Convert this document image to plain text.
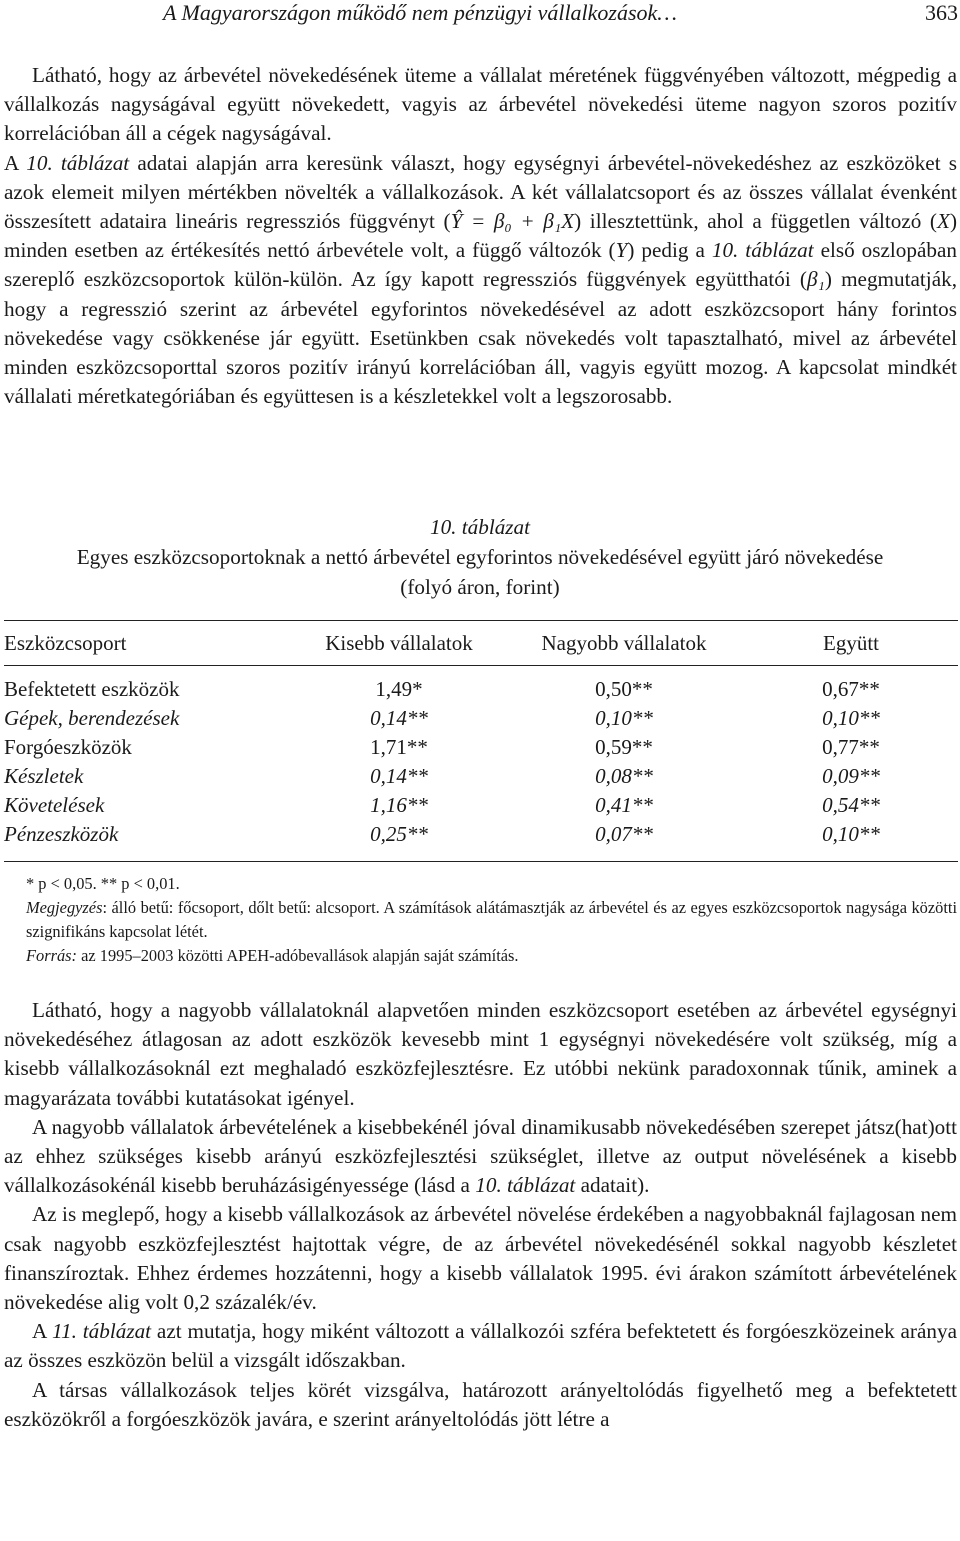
A Magyarországon működő nem pénzügyi vállalkozások…	363

Látható, hogy az árbevétel növekedésének üteme a vállalat méretének függvényében változott, mégpedig a vállalkozás nagyságával együtt növekedett, vagyis az árbevétel növekedési üteme nagyon szoros pozitív korrelációban áll a cégek nagyságával.

A 10. táblázat adatai alapján arra keresünk választ, hogy egységnyi árbevétel-növekedéshez az eszközöket s azok elemeit milyen mértékben növelték a vállalkozások. A két vállalatcsoport és az összes vállalat évenként összesített adataira lineáris regressziós függvényt (Ŷ = β₀ + β₁X) illesztettünk, ahol a független változó (X) minden esetben az értékesítés nettó árbevétele volt, a függő változók (Y) pedig a 10. táblázat első oszlopában szereplő eszközcsoportok külön-külön. Az így kapott regressziós függvények együtthatói (β₁) megmutatják, hogy a regresszió szerint az árbevétel egyforintos növekedésével az adott eszközcsoport hány forintos növekedése vagy csökkenése jár együtt. Esetünkben csak növekedés volt tapasztalható, mivel az árbevétel minden eszközcsoporttal szoros pozitív irányú korrelációban áll, vagyis együtt mozog. A kapcsolat mindkét vállalati méretkategóriában és együttesen is a készletekkel volt a legszorosabb.

10. táblázat
Egyes eszközcsoportoknak a nettó árbevétel egyforintos növekedésével együtt járó növekedése
(folyó áron, forint)
Eszközcsoport	Kisebb vállalatok	Nagyobb vállalatok	Együtt
Befektetett eszközök	1,49*	0,50**	0,67**
Gépek, berendezések	0,14**	0,10**	0,10**
Forgóeszközök	1,71**	0,59**	0,77**
Készletek	0,14**	0,08**	0,09**
Követelések	1,16**	0,41**	0,54**
Pénzeszközök	0,25**	0,07**	0,10**

* p < 0,05. ** p < 0,01.

Megjegyzés: álló betű: főcsoport, dőlt betű: alcsoport. A számítások alátámasztják az árbevétel és az egyes eszközcsoportok nagysága közötti szignifikáns kapcsolat létét.

Forrás: az 1995–2003 közötti APEH-adóbevallások alapján saját számítás.

Látható, hogy a nagyobb vállalatoknál alapvetően minden eszközcsoport esetében az árbevétel egységnyi növekedéséhez átlagosan az adott eszközök kevesebb mint 1 egységnyi növekedésére volt szükség, míg a kisebb vállalkozásoknál ezt meghaladó eszközfejlesztésre. Ez utóbbi nekünk paradoxonnak tűnik, aminek a magyarázata további kutatásokat igényel.

A nagyobb vállalatok árbevételének a kisebbekénél jóval dinamikusabb növekedésében szerepet játsz(hat)ott az ehhez szükséges kisebb arányú eszközfejlesztési szükséglet, illetve az output növelésének a kisebb vállalkozásokénál kisebb beruházásigényessége (lásd a 10. táblázat adatait).

Az is meglepő, hogy a kisebb vállalkozások az árbevétel növelése érdekében a nagyobbaknál fajlagosan nem csak nagyobb eszközfejlesztést hajtottak végre, de az árbevétel növekedésénél sokkal nagyobb készletet finanszíroztak. Ehhez érdemes hozzátenni, hogy a kisebb vállalatok 1995. évi árakon számított árbevételének növekedése alig volt 0,2 százalék/év.

A 11. táblázat azt mutatja, hogy miként változott a vállalkozói szféra befektetett és forgóeszközeinek aránya az összes eszközön belül a vizsgált időszakban.

A társas vállalkozások teljes körét vizsgálva, határozott arányeltolódás figyelhető meg a befektetett eszközökről a forgóeszközök javára, e szerint arányeltolódás jött létre a
